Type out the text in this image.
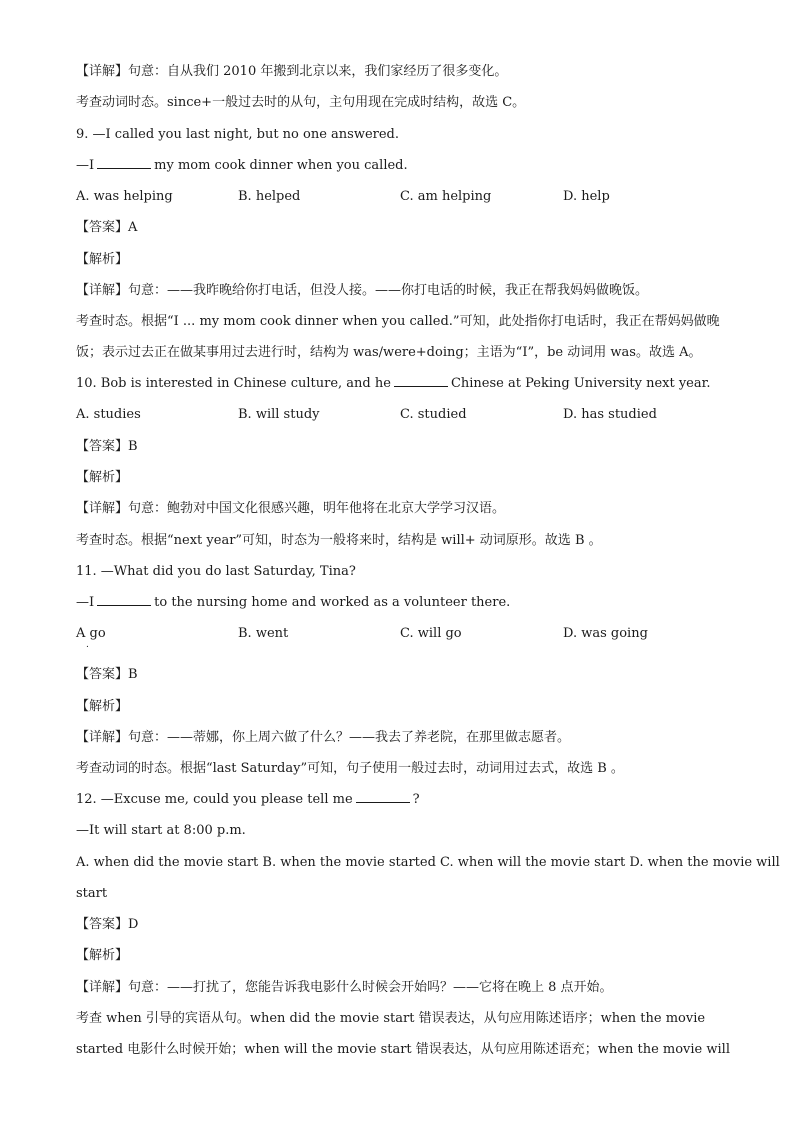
【详解】句意：自从我们 2010 年搬到北京以来，我们家经历了很多变化。
考查动词时态。since+一般过去时的从句，主句用现在完成时结构，故选 C。
9. —I called you last night, but no one answered.
—I	my mom cook dinner when you called.
A. was helping	B. helped	C. am helping	D. help
【答案】A
【解析】
【详解】句意：——我昨晚给你打电话，但没人接。——你打电话的时候，我正在帮我妈妈做晚饭。
考查时态。根据“I ... my mom cook dinner when you called.”可知，此处指你打电话时，我正在帮妈妈做晚
饭；表示过去正在做某事用过去进行时，结构为 was/were+doing；主语为“I”，be 动词用 was。故选 A。
10. Bob is interested in Chinese culture, and he	Chinese at Peking University next year.
A. studies	B. will study	C. studied	D. has studied
【答案】B
【解析】
【详解】句意：鲍勃对中国文化很感兴趣，明年他将在北京大学学习汉语。
考查时态。根据“next year”可知，时态为一般将来时，结构是 will+ 动词原形。故选 B 。
11. —What did you do last Saturday, Tina?
—I	to the nursing home and worked as a volunteer there.
A go
.
B. went	C. will go	D. was going
【答案】B
【解析】
【详解】句意：——蒂娜，你上周六做了什么？——我去了养老院，在那里做志愿者。
考查动词的时态。根据“last Saturday”可知，句子使用一般过去时，动词用过去式，故选 B 。
12. —Excuse me, could you please tell me	?
—It will start at 8:00 p.m.
A. when did the movie start B. when the movie started C. when will the movie start D. when the movie will
start
【答案】D
【解析】
【详解】句意：——打扰了，您能告诉我电影什么时候会开始吗？——它将在晚上 8 点开始。
考查 when 引导的宾语从句。when did the movie start 错误表达，从句应用陈述语序；when the movie
started 电影什么时候开始；when will the movie start 错误表达，从句应用陈述语充；when the movie will
